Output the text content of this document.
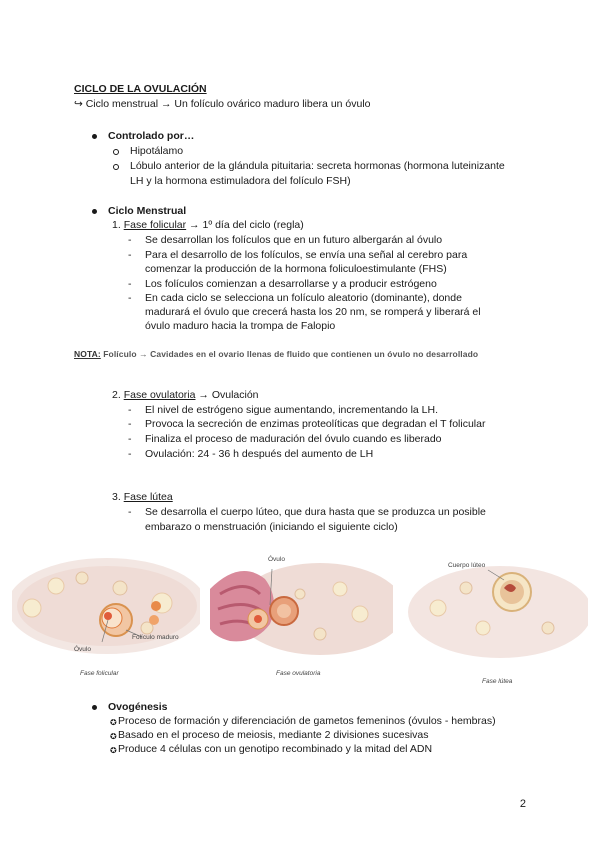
CICLO DE LA OVULACIÓN
↪ Ciclo menstrual → Un folículo ovárico maduro libera un óvulo
Controlado por…
Hipotálamo
Lóbulo anterior de la glándula pituitaria: secreta hormonas (hormona luteinizante
LH y la hormona estimuladora del folículo FSH)
Ciclo Menstrual
1. Fase folicular → 1º día del ciclo (regla)
- Se desarrollan los folículos que en un futuro albergarán al óvulo
- Para el desarrollo de los folículos, se envía una señal al cerebro para
comenzar la producción de la hormona foliculoestimulante (FHS)
- Los folículos comienzan a desarrollarse y a producir estrógeno
- En cada ciclo se selecciona un folículo aleatorio (dominante), donde
madurará el óvulo que crecerá hasta los 20 nm, se romperá y liberará el
óvulo maduro hacia la trompa de Falopio
NOTA: Folículo → Cavidades en el ovario llenas de fluido que contienen un óvulo no desarrollado
2. Fase ovulatoria → Ovulación
- El nivel de estrógeno sigue aumentando, incrementando la LH.
- Provoca la secreción de enzimas proteolíticas que degradan el T folicular
- Finaliza el proceso de maduración del óvulo cuando es liberado
- Ovulación: 24 - 36 h después del aumento de LH
3. Fase lútea
- Se desarrolla el cuerpo lúteo, que dura hasta que se produzca un posible
embarazo o menstruación (iniciando el siguiente ciclo)
Folículo maduro
Óvulo
Fase folicular
Óvulo
Fase ovulatoria
Cuerpo lúteo
Fase lútea
Ovogénesis
✪ Proceso de formación y diferenciación de gametos femeninos (óvulos - hembras)
✪ Basado en el proceso de meiosis, mediante 2 divisiones sucesivas
✪ Produce 4 células con un genotipo recombinado y la mitad del ADN
2
